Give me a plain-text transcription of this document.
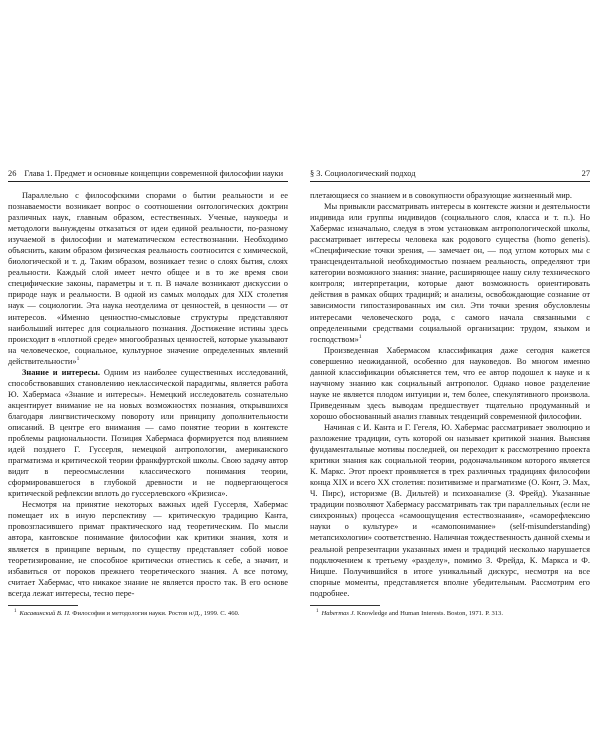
26 Глава 1. Предмет и основные концепции современной философии науки

Параллельно с философскими спорами о бытии реальности и ее познаваемости возникает вопрос о соотношении онтологических доктрин различных наук, главным образом, естественных. Ученые, наукоеды и методологи вынуждены отказаться от идеи единой реальности, по-разному изучаемой в философии и математическом естествознании. Необходимо объяснить, каким образом физическая реальность соотносится с химической, биологической и т. д. Таким образом, возникает тезис о слоях бытия, слоях реальности. Каждый слой имеет нечто общее и в то же время свои специфические законы, параметры и т. п. В начале возникают дискуссии о природе наук и реальности. В одной из самых молодых для XIX столетия наук — социологии. Эта наука неотделима от ценностей, в ценности — от интересов. «Именно ценностно-смысловые структуры представляют наибольший интерес для социального познания. Достижение истины здесь происходит в «плотной среде» многообразных ценностей, которые указывают на человеческое, социальное, культурное значение определенных явлений действительности»$^1$

Знание и интересы. Одним из наиболее существенных исследований, способствовавших становлению неклассической парадигмы, является работа Ю. Хабермаса «Знание и интересы». Немецкий исследователь сознательно акцентирует внимание не на новых возможностях познания, открывшихся благодаря лингвистическому повороту или принципу дополнительности описаний. В центре его внимания — само понятие теории в контексте проблемы рациональности. Позиция Хабермаса формируется под влиянием идей позднего Г. Гуссерля, немецкой антропологии, американского прагматизма и критической теории франкфуртской школы. Свою задачу автор видит в переосмыслении классического понимания теории, сформировавшегося в глубокой древности и не подвергающегося критической рефлексии вплоть до гуссерлевского «Кризиса».

Несмотря на принятие некоторых важных идей Гуссерля, Хабермас помещает их в иную перспективу — критическую традицию Канта, провозгласившего примат практического над теоретическим. По мысли автора, кантовское понимание философии как критики знания, хотя и является в принципе верным, по существу представляет собой новое теоретизирование, не способное критически отнестись к себе, а значит, и избавиться от пороков прежнего теоретического знания. А все потому, считает Хабермас, что никакое знание не является просто так. В его основе всегда лежат интересы, тесно пере-

$^1$ Касавинский В. П. Философия и методология науки. Ростов н/Д., 1999. С. 460.
§ 3. Социологический подход	27

плетающиеся со знанием и в совокупности образующие жизненный мир.

Мы привыкли рассматривать интересы в контексте жизни и деятельности индивида или группы индивидов (социального слоя, класса и т. п.). Но Хабермас изначально, следуя в этом установкам антропологической школы, рассматривает интересы человека как родового существа (homo generis). «Специфические точки зрения, — замечает он, — под углом которых мы с трансцендентальной необходимостью познаем реальность, определяют три категории возможного знания: знание, расширяющее нашу силу технического контроля; интерпретации, которые дают возможность ориентировать действия в рамках общих традиций; и анализы, освобождающие сознание от зависимости гипостазированных им сил. Эти точки зрения обусловлены интересами человеческого рода, с самого начала связанными с определенными средствами социальной организации: трудом, языком и господством»$^1$

Произведенная Хабермасом классификация даже сегодня кажется совершенно неожиданной, особенно для науковедов. Во многом именно данной классификации объясняется тем, что ее автор подошел к науке и к научному знанию как социальный антрополог. Однако новое разделение науке не является плодом интуиции и, тем более, спекулятивного произвола. Приведенным здесь выводам предшествует тщательно продуманный и хорошо обоснованный анализ главных тенденций современной философии.

Начиная с И. Канта и Г. Гегеля, Ю. Хабермас рассматривает эволюцию и разложение традиции, суть которой он называет критикой знания. Выясняя фундаментальные мотивы последней, он переходит к рассмотрению проекта критики знания как социальной теории, родоначальником которого является К. Маркс. Этот проект проявляется в трех различных традициях философии конца XIX и всего XX столетия: позитивизме и прагматизме (О. Конт, Э. Мах, Ч. Пирс), историзме (В. Дильтей) и психоанализе (З. Фрейд). Указанные традиции позволяют Хабермасу рассматривать так три параллельных (если не синхронных) процесса «самоощущения естествознания», «саморефлексию науки о культуре» и «самопонимание» (self-misunderstanding) метапсихологии» соответственно. Наличная тождественность данной схемы и реальной репрезентации указанных имен и традиций несколько нарушается подключением к третьему «разделу», помимо З. Фрейда, К. Маркса и Ф. Ницше. Получившийся в итоге уникальный дискурс, несмотря на все спорные моменты, представляется вполне убедительным. Рассмотрим его подробнее.

$^1$ Habermas J. Knowledge and Human Interests. Boston, 1971. P. 313.
